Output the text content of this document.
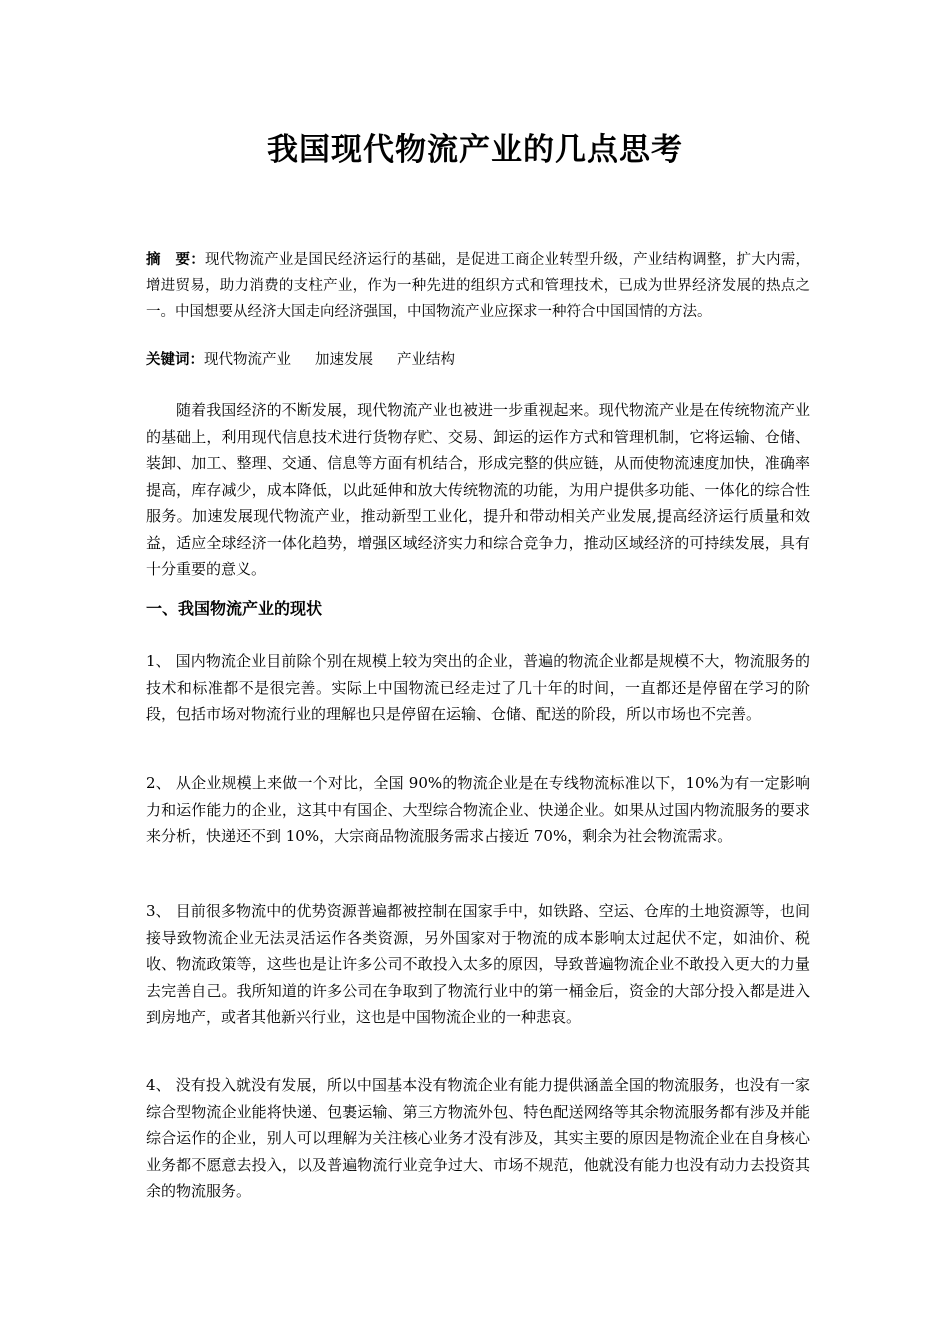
我国现代物流产业的几点思考
摘　要：现代物流产业是国民经济运行的基础，是促进工商企业转型升级，产业结构调整，扩大内需，增进贸易，助力消费的支柱产业，作为一种先进的组织方式和管理技术，已成为世界经济发展的热点之一。中国想要从经济大国走向经济强国，中国物流产业应探求一种符合中国国情的方法。
关键词：现代物流产业 加速发展 产业结构
随着我国经济的不断发展，现代物流产业也被进一步重视起来。现代物流产业是在传统物流产业的基础上，利用现代信息技术进行货物存贮、交易、卸运的运作方式和管理机制，它将运输、仓储、装卸、加工、整理、交通、信息等方面有机结合，形成完整的供应链，从而使物流速度加快，准确率提高，库存减少，成本降低，以此延伸和放大传统物流的功能，为用户提供多功能、一体化的综合性服务。加速发展现代物流产业，推动新型工业化，提升和带动相关产业发展,提高经济运行质量和效益，适应全球经济一体化趋势，增强区域经济实力和综合竞争力，推动区域经济的可持续发展，具有十分重要的意义。
一、我国物流产业的现状
1、 国内物流企业目前除个别在规模上较为突出的企业，普遍的物流企业都是规模不大，物流服务的技术和标准都不是很完善。实际上中国物流已经走过了几十年的时间，一直都还是停留在学习的阶段，包括市场对物流行业的理解也只是停留在运输、仓储、配送的阶段，所以市场也不完善。
2、 从企业规模上来做一个对比，全国 90%的物流企业是在专线物流标准以下，10%为有一定影响力和运作能力的企业，这其中有国企、大型综合物流企业、快递企业。如果从过国内物流服务的要求来分析，快递还不到 10%，大宗商品物流服务需求占接近 70%，剩余为社会物流需求。
3、 目前很多物流中的优势资源普遍都被控制在国家手中，如铁路、空运、仓库的土地资源等，也间接导致物流企业无法灵活运作各类资源，另外国家对于物流的成本影响太过起伏不定，如油价、税收、物流政策等，这些也是让许多公司不敢投入太多的原因，导致普遍物流企业不敢投入更大的力量去完善自己。我所知道的许多公司在争取到了物流行业中的第一桶金后，资金的大部分投入都是进入到房地产，或者其他新兴行业，这也是中国物流企业的一种悲哀。
4、 没有投入就没有发展，所以中国基本没有物流企业有能力提供涵盖全国的物流服务，也没有一家综合型物流企业能将快递、包裹运输、第三方物流外包、特色配送网络等其余物流服务都有涉及并能综合运作的企业，别人可以理解为关注核心业务才没有涉及，其实主要的原因是物流企业在自身核心业务都不愿意去投入，以及普遍物流行业竞争过大、市场不规范，他就没有能力也没有动力去投资其余的物流服务。
